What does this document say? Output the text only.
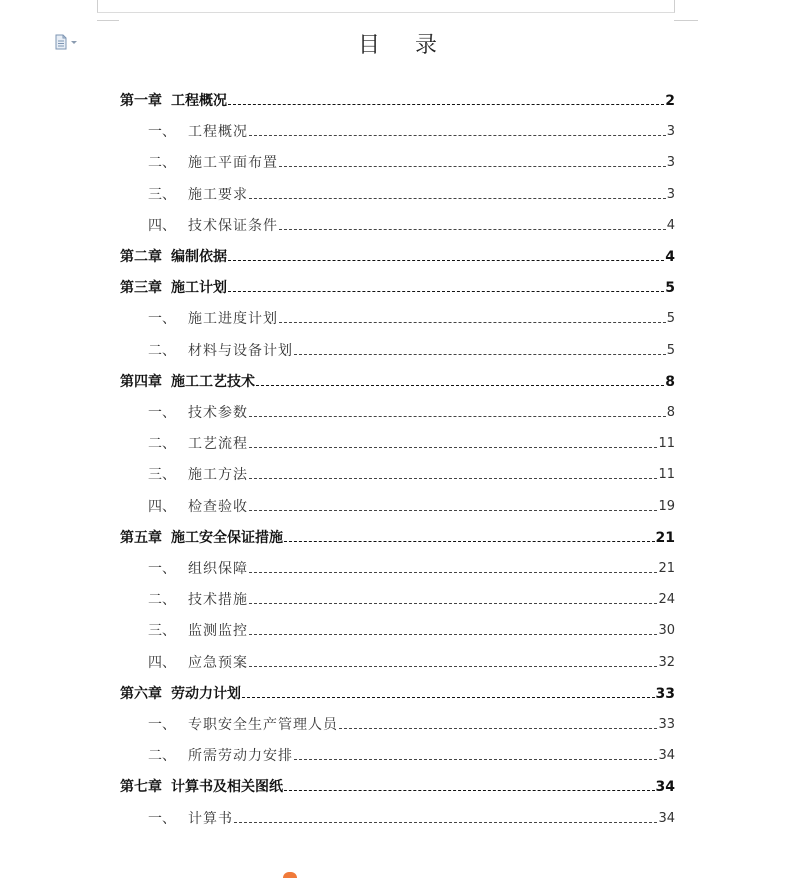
目 录
第一章 工程概况	2
一、 工程概况	3
二、 施工平面布置	3
三、 施工要求	3
四、 技术保证条件	4
第二章 编制依据	4
第三章 施工计划	5
一、 施工进度计划	5
二、 材料与设备计划	5
第四章 施工工艺技术	8
一、 技术参数	8
二、 工艺流程	11
三、 施工方法	11
四、 检查验收	19
第五章 施工安全保证措施	21
一、 组织保障	21
二、 技术措施	24
三、 监测监控	30
四、 应急预案	32
第六章 劳动力计划	33
一、 专职安全生产管理人员	33
二、 所需劳动力安排	34
第七章 计算书及相关图纸	34
一、 计算书	34
